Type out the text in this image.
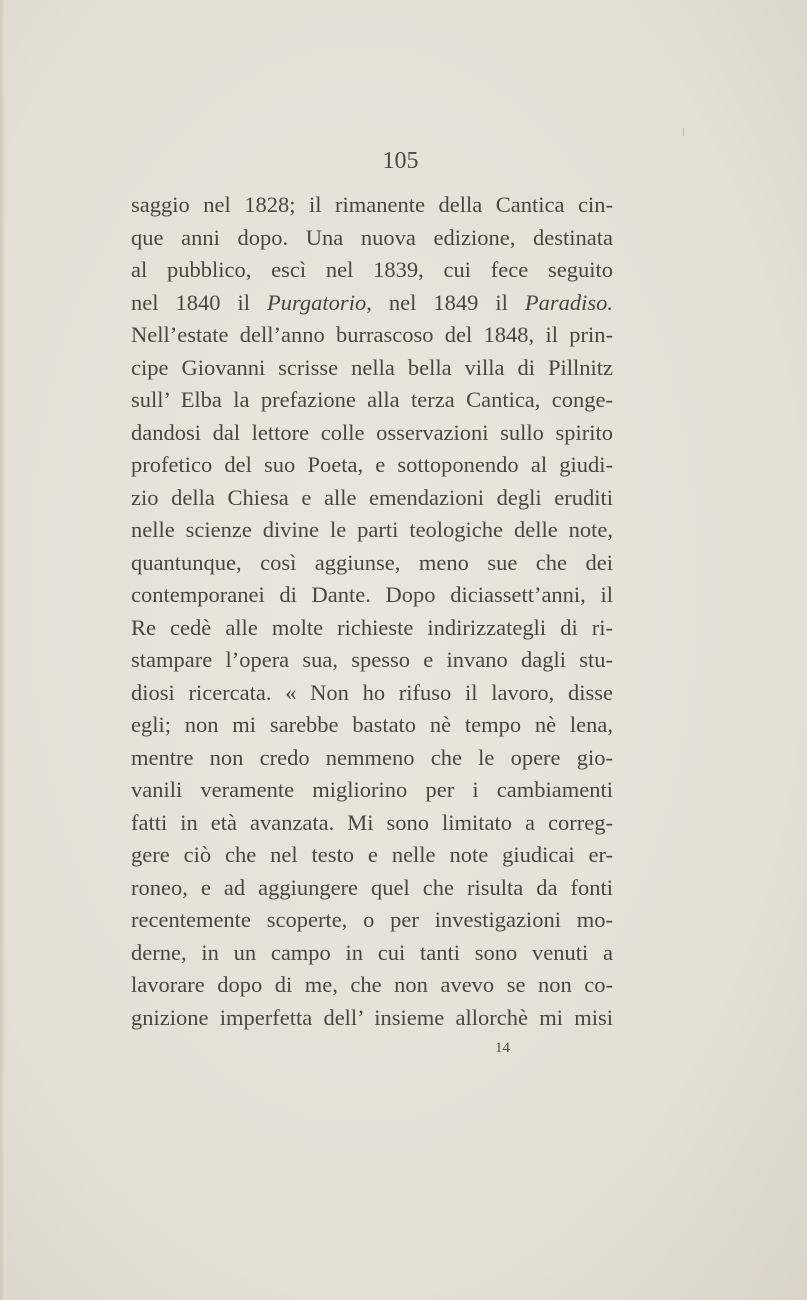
105
saggio nel 1828; il rimanente della Cantica cin-
que anni dopo. Una nuova edizione, destinata
al pubblico, escì nel 1839, cui fece seguito
nel 1840 il Purgatorio, nel 1849 il Paradiso.
Nell’estate dell’anno burrascoso del 1848, il prin-
cipe Giovanni scrisse nella bella villa di Pillnitz
sull’ Elba la prefazione alla terza Cantica, conge-
dandosi dal lettore colle osservazioni sullo spirito
profetico del suo Poeta, e sottoponendo al giudi-
zio della Chiesa e alle emendazioni degli eruditi
nelle scienze divine le parti teologiche delle note,
quantunque, così aggiunse, meno sue che dei
contemporanei di Dante. Dopo diciassett’anni, il
Re cedè alle molte richieste indirizzategli di ri-
stampare l’opera sua, spesso e invano dagli stu-
diosi ricercata. « Non ho rifuso il lavoro, disse
egli; non mi sarebbe bastato nè tempo nè lena,
mentre non credo nemmeno che le opere gio-
vanili veramente migliorino per i cambiamenti
fatti in età avanzata. Mi sono limitato a correg-
gere ciò che nel testo e nelle note giudicai er-
roneo, e ad aggiungere quel che risulta da fonti
recentemente scoperte, o per investigazioni mo-
derne, in un campo in cui tanti sono venuti a
lavorare dopo di me, che non avevo se non co-
gnizione imperfetta dell’ insieme allorchè mi misi
14
